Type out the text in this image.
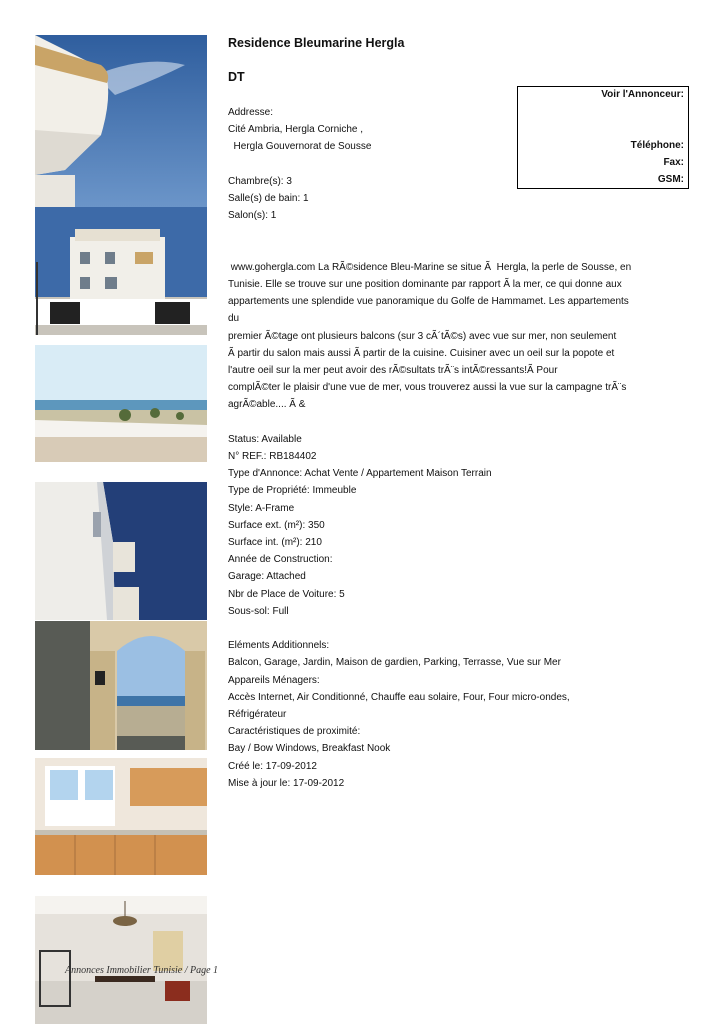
Residence Bleumarine Hergla
DT
Voir l'Annonceur:
Téléphone:
Fax:
GSM:
Addresse:
Cité Ambria, Hergla Corniche ,
Hergla Gouvernorat de Sousse
Chambre(s): 3
Salle(s) de bain: 1
Salon(s): 1

www.gohergla.com La RÃ©sidence Bleu-Marine se situe Ã  Hergla, la perle de Sousse, en

Tunisie. Elle se trouve sur une position dominante par rapport Ã la mer, ce qui donne aux

appartements une splendide vue panoramique du Golfe de Hammamet. Les appartements du

premier Ã©tage ont plusieurs balcons (sur 3 cÃ´tÃ©s) avec vue sur mer, non seulement

Ã partir du salon mais aussi Ã partir de la cuisine. Cuisiner avec un oeil sur la popote et

l'autre oeil sur la mer peut avoir des rÃ©sultats trÃ¨s intÃ©ressants!Ã Pour

complÃ©ter le plaisir d'une vue de mer, vous trouverez aussi la vue sur la campagne trÃ¨s

agrÃ©able.... Ã &

Status: Available
N° REF.: RB184402
Type d'Annonce: Achat Vente / Appartement Maison Terrain
Type de Propriété: Immeuble
Style: A-Frame
Surface ext. (m²): 350
Surface int. (m²): 210
Année de Construction:
Garage: Attached
Nbr de Place de Voiture: 5
Sous-sol: Full
Eléments Additionnels:
Balcon, Garage, Jardin, Maison de gardien, Parking, Terrasse, Vue sur Mer
Appareils Ménagers:
Accès Internet, Air Conditionné, Chauffe eau solaire, Four, Four micro-ondes,
Réfrigérateur
Caractéristiques de proximité:
Bay / Bow Windows, Breakfast Nook
Créé le: 17-09-2012
Mise à jour le: 17-09-2012
Annonces Immobilier Tunisie / Page 1
